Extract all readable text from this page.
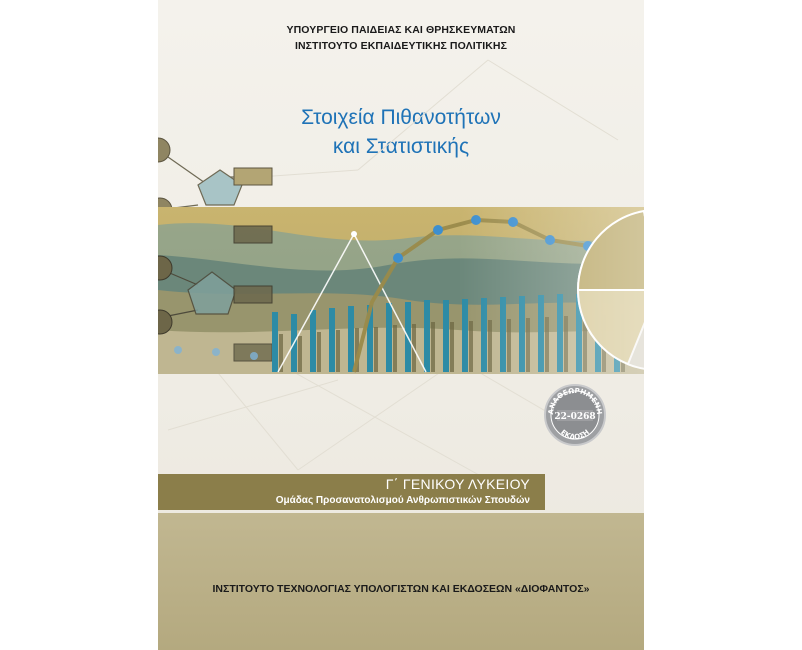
ΥΠΟΥΡΓΕΙΟ ΠΑΙΔΕΙΑΣ ΚΑΙ ΘΡΗΣΚΕΥΜΑΤΩΝ
ΙΝΣΤΙΤΟΥΤΟ ΕΚΠΑΙΔΕΥΤΙΚΗΣ ΠΟΛΙΤΙΚΗΣ
Στοιχεία Πιθανοτήτων
και Στατιστικής
ΑΝΑΘΕΩΡΗΜΕΝΗ
22-0268
ΕΚΔΟΣΗ
Γ΄ ΓΕΝΙΚΟΥ ΛΥΚΕΙΟΥ
Ομάδας Προσανατολισμού Ανθρωπιστικών Σπουδών
ΙΝΣΤΙΤΟΥΤΟ ΤΕΧΝΟΛΟΓΙΑΣ ΥΠΟΛΟΓΙΣΤΩΝ ΚΑΙ ΕΚΔΟΣΕΩΝ «ΔΙΟΦΑΝΤΟΣ»
